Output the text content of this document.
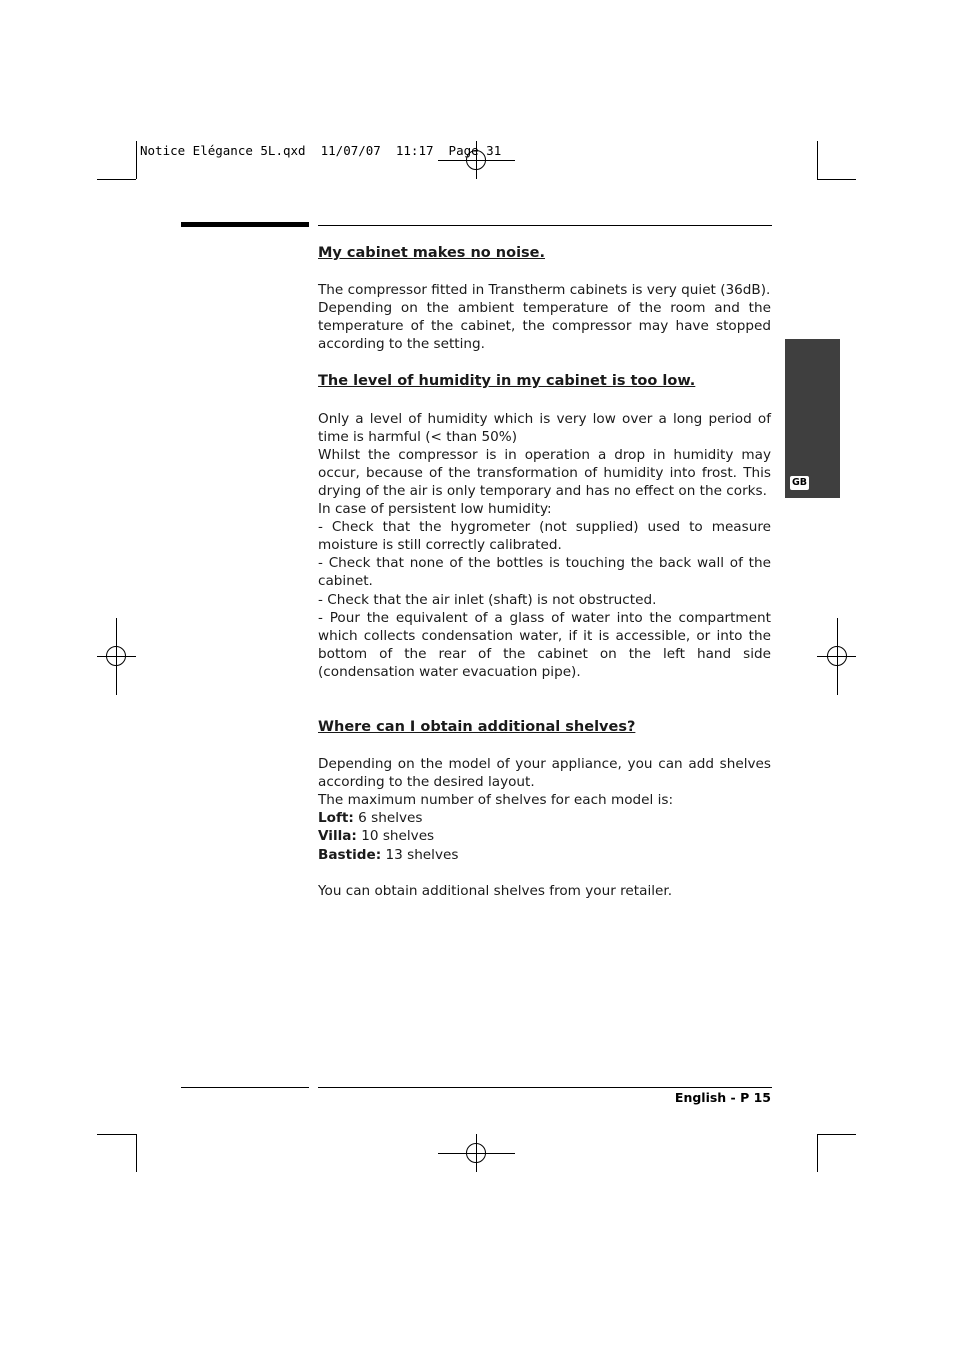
Notice Elégance 5L.qxd  11/07/07  11:17  Page 31
GB

My cabinet makes no noise.

The compressor fitted in Transtherm cabinets is very quiet (36dB).

Depending on the ambient temperature of the room and the temperature of the cabinet, the compressor may have stopped according to the setting.

The level of humidity in my cabinet is too low.

Only a level of humidity which is very low over a long period of time is harmful (< than 50%)

Whilst the compressor is in operation a drop in humidity may occur, because of the transformation of humidity into frost. This drying of the air is only temporary and has no effect on the corks.

In case of persistent low humidity:

- Check that the hygrometer (not supplied) used to measure moisture is still correctly calibrated.

- Check that none of the bottles is touching the back wall of the cabinet.

- Check that the air inlet (shaft) is not obstructed.

- Pour the equivalent of a glass of water into the compartment which collects condensation water, if it is accessible, or into the bottom of the rear of the cabinet on the left hand side (condensation water evacuation pipe).

Where can I obtain additional shelves?

Depending on the model of your appliance, you can add shelves according to the desired layout.

The maximum number of shelves for each model is:

Loft: 6 shelves

Villa: 10 shelves

Bastide: 13 shelves

You can obtain additional shelves from your retailer.

English - P 15
